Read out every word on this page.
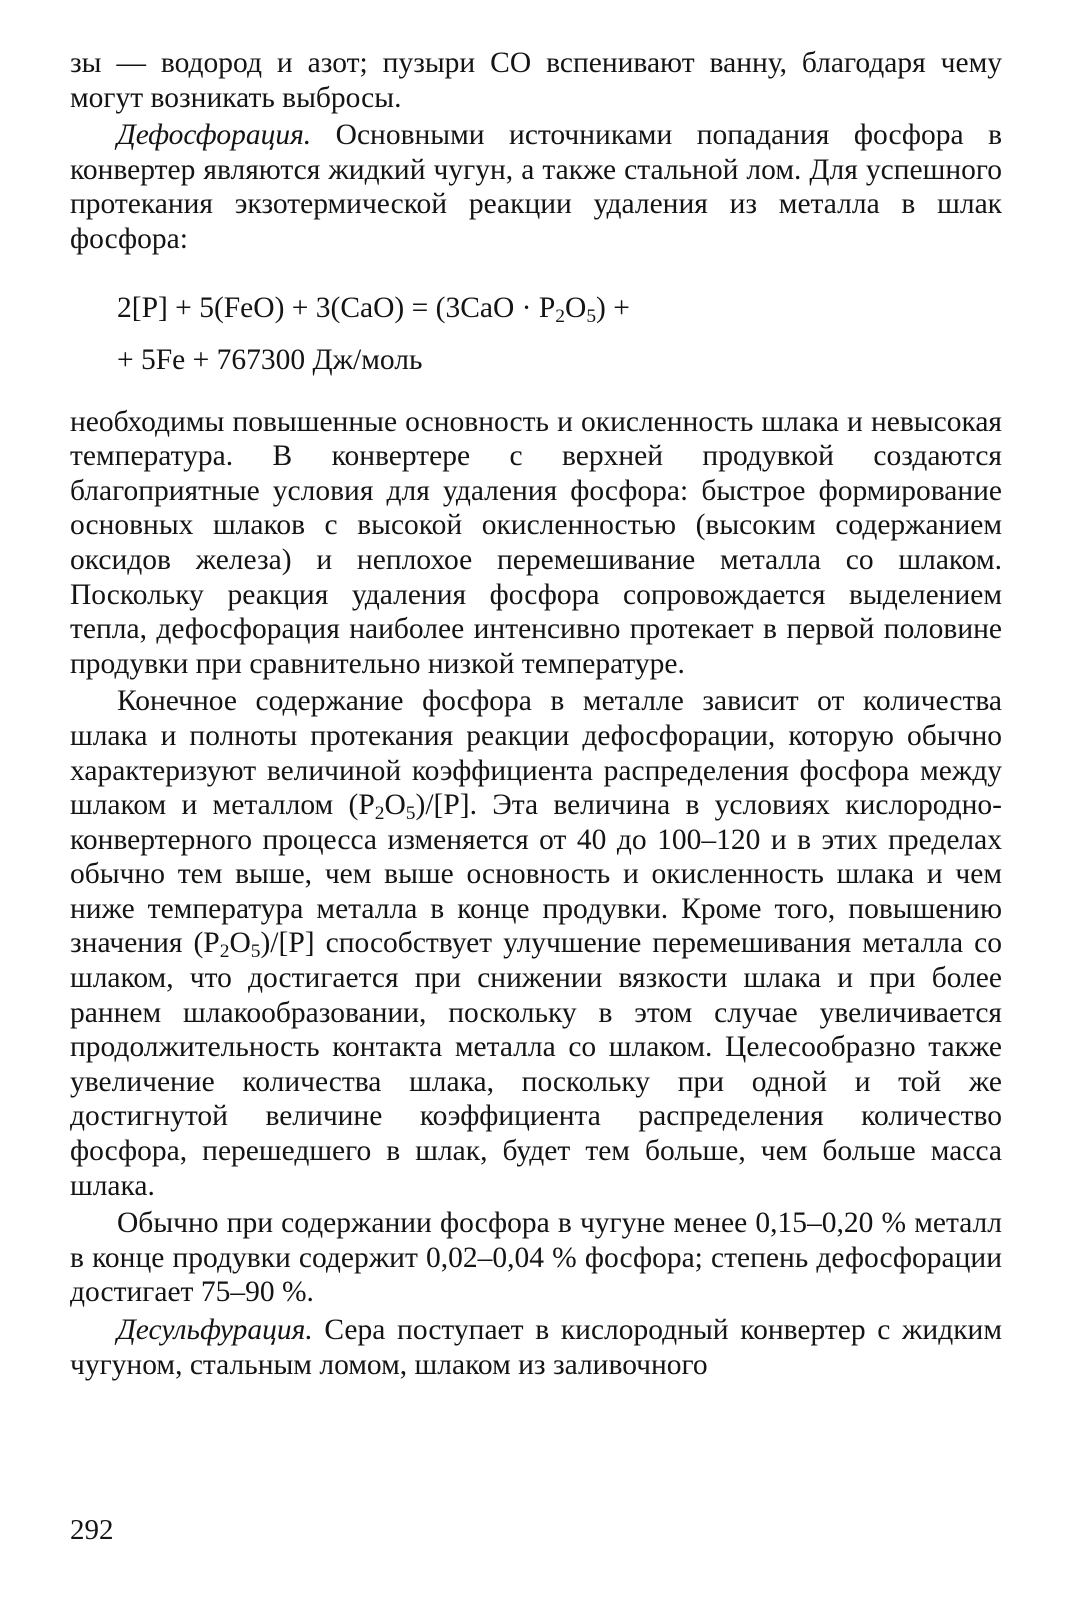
зы — водород и азот; пузыри CO вспенивают ванну, благодаря чему могут возникать выбросы.

Дефосфорация. Основными источниками попадания фосфора в конвертер являются жидкий чугун, а также стальной лом. Для успешного протекания экзотермической реакции удаления из металла в шлак фосфора:

$2[P] + 5(FeO) + 3(CaO) = (3CaO \cdot P_2O_5)$ +

+ 5Fe + 767300 Дж/моль

необходимы повышенные основность и окисленность шлака и невысокая температура. В конвертере с верхней продувкой создаются благоприятные условия для удаления фосфора: быстрое формирование основных шлаков с высокой окисленностью (высоким содержанием оксидов железа) и неплохое перемешивание металла со шлаком. Поскольку реакция удаления фосфора сопровождается выделением тепла, дефосфорация наиболее интенсивно протекает в первой половине продувки при сравнительно низкой температуре.

Конечное содержание фосфора в металле зависит от количества шлака и полноты протекания реакции дефосфорации, которую обычно характеризуют величиной коэффициента распределения фосфора между шлаком и металлом $(P_2O_5)/[P]$. Эта величина в условиях кислородно-конвертерного процесса изменяется от 40 до 100–120 и в этих пределах обычно тем выше, чем выше основность и окисленность шлака и чем ниже температура металла в конце продувки. Кроме того, повышению значения $(P_2O_5)/[P]$ способствует улучшение перемешивания металла со шлаком, что достигается при снижении вязкости шлака и при более раннем шлакообразовании, поскольку в этом случае увеличивается продолжительность контакта металла со шлаком. Целесообразно также увеличение количества шлака, поскольку при одной и той же достигнутой величине коэффициента распределения количество фосфора, перешедшего в шлак, будет тем больше, чем больше масса шлака.

Обычно при содержании фосфора в чугуне менее 0,15–0,20 % металл в конце продувки содержит 0,02–0,04 % фосфора; степень дефосфорации достигает 75–90 %.

Десульфурация. Сера поступает в кислородный конвертер с жидким чугуном, стальным ломом, шлаком из заливочного

292
